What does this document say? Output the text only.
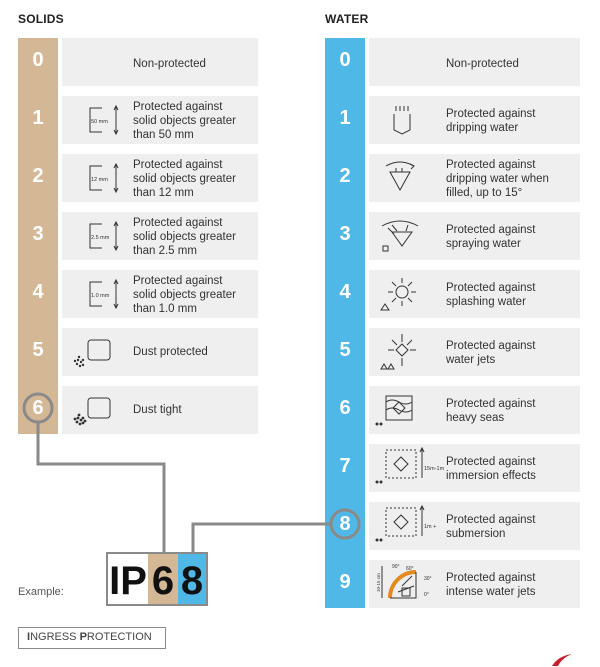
SOLIDS	WATER
0	Non-protected
1	50 mm
Protected against
solid objects greater
than 50 mm
2	12 mm
Protected against
solid objects greater
than 12 mm
3	2.5 mm
Protected against
solid objects greater
than 2.5 mm
4	1.0 mm
Protected against
solid objects greater
than 1.0 mm
5	Dust protected
6	Dust tight
0	Non-protected
1	Protected against
dripping water
2	Protected against
dripping water when
filled, up to 15°
3	Protected against
spraying water
4	Protected against
splashing water
5	Protected against
water jets
6	Protected against
heavy seas
7	15m-1m
Protected against
immersion effects
8	1m +
Protected against
submersion
9
90° 60°
30°
0°
10-15 cm	Protected against
intense water jets
Example: IP 6 8
INGRESS PROTECTION
